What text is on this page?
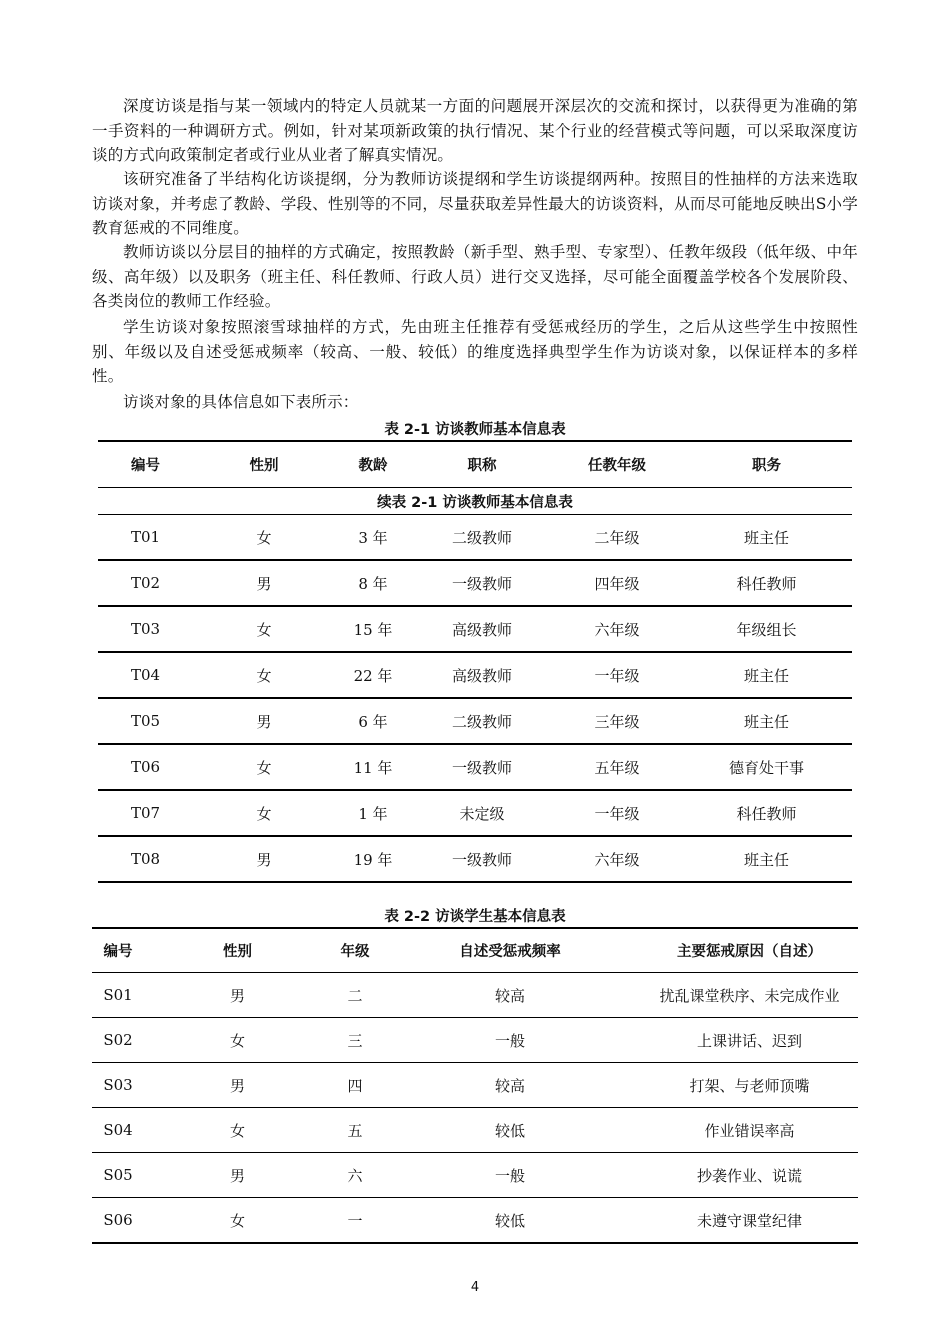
深度访谈是指与某一领域内的特定人员就某一方面的问题展开深层次的交流和探讨，以获得更为准确的第一手资料的一种调研方式。例如，针对某项新政策的执行情况、某个行业的经营模式等问题，可以采取深度访谈的方式向政策制定者或行业从业者了解真实情况。

该研究准备了半结构化访谈提纲，分为教师访谈提纲和学生访谈提纲两种。按照目的性抽样的方法来选取访谈对象，并考虑了教龄、学段、性别等的不同，尽量获取差异性最大的访谈资料，从而尽可能地反映出S小学教育惩戒的不同维度。

教师访谈以分层目的抽样的方式确定，按照教龄（新手型、熟手型、专家型）、任教年级段（低年级、中年级、高年级）以及职务（班主任、科任教师、行政人员）进行交叉选择，尽可能全面覆盖学校各个发展阶段、各类岗位的教师工作经验。

学生访谈对象按照滚雪球抽样的方式，先由班主任推荐有受惩戒经历的学生，之后从这些学生中按照性别、年级以及自述受惩戒频率（较高、一般、较低）的维度选择典型学生作为访谈对象，以保证样本的多样性。

访谈对象的具体信息如下表所示：

表 2-1 访谈教师基本信息表
编号	性别	教龄	职称	任教年级	职务
续表 2-1 访谈教师基本信息表					
T01	女	3 年	二级教师	二年级	班主任
T02	男	8 年	一级教师	四年级	科任教师
T03	女	15 年	高级教师	六年级	年级组长
T04	女	22 年	高级教师	一年级	班主任
T05	男	6 年	二级教师	三年级	班主任
T06	女	11 年	一级教师	五年级	德育处干事
T07	女	1 年	未定级	一年级	科任教师
T08	男	19 年	一级教师	六年级	班主任
表 2-2 访谈学生基本信息表
编号	性别	年级	自述受惩戒频率	主要惩戒原因（自述）
S01	男	二	较高	扰乱课堂秩序、未完成作业
S02	女	三	一般	上课讲话、迟到
S03	男	四	较高	打架、与老师顶嘴
S04	女	五	较低	作业错误率高
S05	男	六	一般	抄袭作业、说谎
S06	女	一	较低	未遵守课堂纪律
4
